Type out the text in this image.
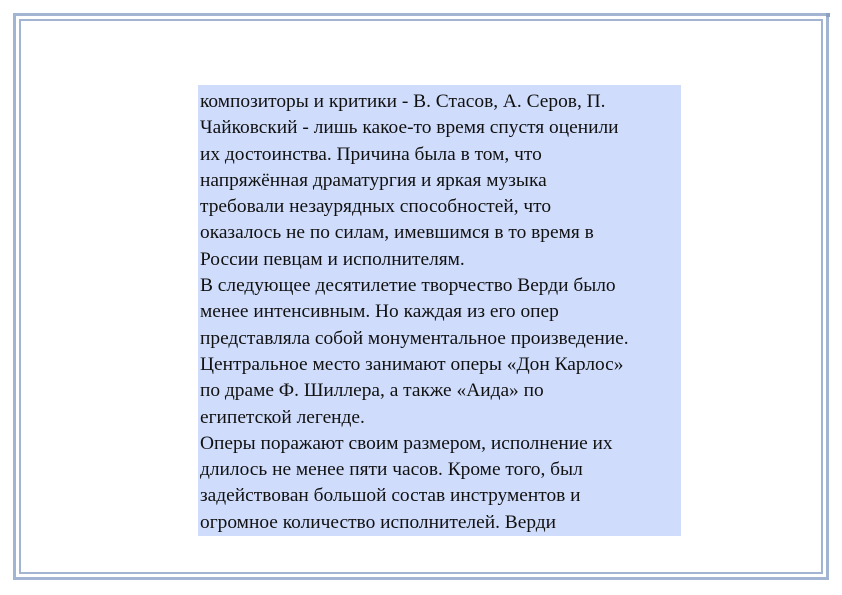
композиторы и критики - В. Стасов, А. Серов, П.
Чайковский - лишь какое-то время спустя оценили
их достоинства. Причина была в том, что
напряжённая драматургия и яркая музыка
требовали незаурядных способностей, что
оказалось не по силам, имевшимся в то время в
России певцам и исполнителям.

В следующее десятилетие творчество Верди было
менее интенсивным. Но каждая из его опер
представляла собой монументальное произведение.
Центральное место занимают оперы «Дон Карлос»
по драме Ф. Шиллера, а также «Аида» по
египетской легенде.

Оперы поражают своим размером, исполнение их
длилось не менее пяти часов. Кроме того, был
задействован большой состав инструментов и
огромное количество исполнителей. Верди
